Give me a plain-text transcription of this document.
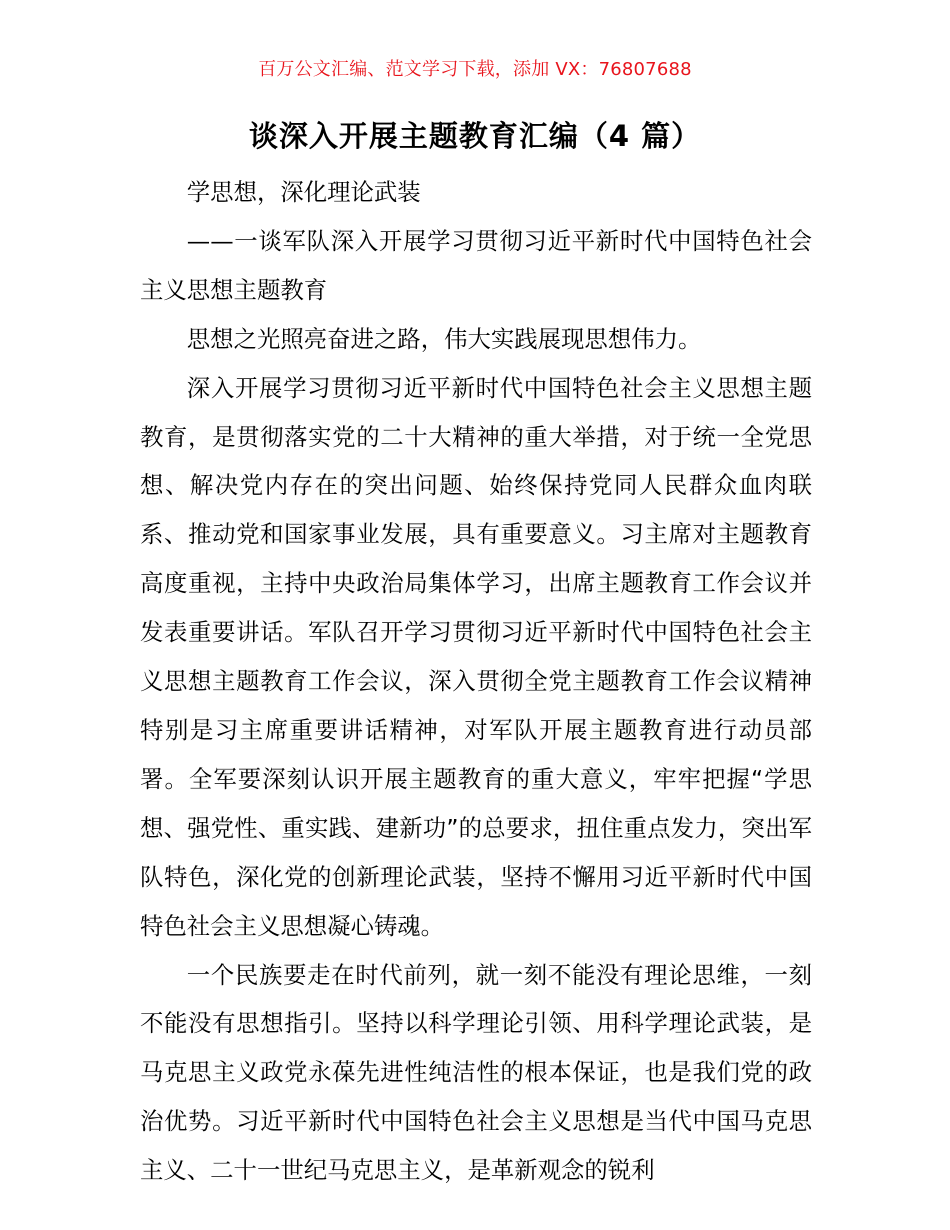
百万公文汇编、范文学习下载，添加 VX：76807688
谈深入开展主题教育汇编（4 篇）

学思想，深化理论武装

——一谈军队深入开展学习贯彻习近平新时代中国特色社会主义思想主题教育

思想之光照亮奋进之路，伟大实践展现思想伟力。

深入开展学习贯彻习近平新时代中国特色社会主义思想主题教育，是贯彻落实党的二十大精神的重大举措，对于统一全党思想、解决党内存在的突出问题、始终保持党同人民群众血肉联系、推动党和国家事业发展，具有重要意义。习主席对主题教育高度重视，主持中央政治局集体学习，出席主题教育工作会议并发表重要讲话。军队召开学习贯彻习近平新时代中国特色社会主义思想主题教育工作会议，深入贯彻全党主题教育工作会议精神特别是习主席重要讲话精神，对军队开展主题教育进行动员部署。全军要深刻认识开展主题教育的重大意义，牢牢把握“学思想、强党性、重实践、建新功”的总要求，扭住重点发力，突出军队特色，深化党的创新理论武装，坚持不懈用习近平新时代中国特色社会主义思想凝心铸魂。

一个民族要走在时代前列，就一刻不能没有理论思维，一刻不能没有思想指引。坚持以科学理论引领、用科学理论武装，是马克思主义政党永葆先进性纯洁性的根本保证，也是我们党的政治优势。习近平新时代中国特色社会主义思想是当代中国马克思主义、二十一世纪马克思主义，是革新观念的锐利
